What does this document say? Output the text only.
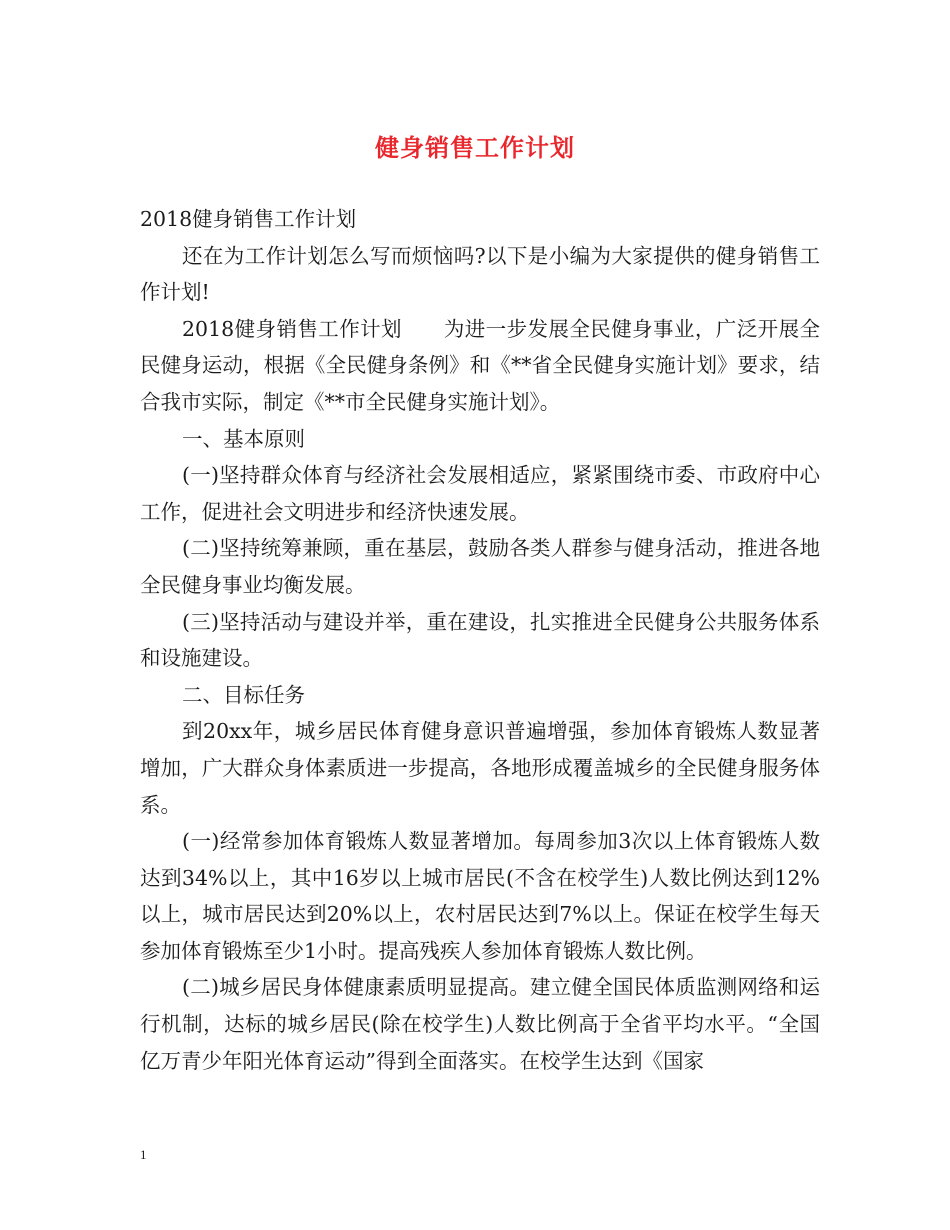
健身销售工作计划

2018健身销售工作计划

还在为工作计划怎么写而烦恼吗?以下是小编为大家提供的健身销售工作计划!

2018健身销售工作计划　　为进一步发展全民健身事业，广泛开展全民健身运动，根据《全民健身条例》和《**省全民健身实施计划》要求，结合我市实际，制定《**市全民健身实施计划》。

一、基本原则

(一)坚持群众体育与经济社会发展相适应，紧紧围绕市委、市政府中心工作，促进社会文明进步和经济快速发展。

(二)坚持统筹兼顾，重在基层，鼓励各类人群参与健身活动，推进各地全民健身事业均衡发展。

(三)坚持活动与建设并举，重在建设，扎实推进全民健身公共服务体系和设施建设。

二、目标任务

到20xx年，城乡居民体育健身意识普遍增强，参加体育锻炼人数显著增加，广大群众身体素质进一步提高，各地形成覆盖城乡的全民健身服务体系。

(一)经常参加体育锻炼人数显著增加。每周参加3次以上体育锻炼人数达到34%以上，其中16岁以上城市居民(不含在校学生)人数比例达到12%以上，城市居民达到20%以上，农村居民达到7%以上。保证在校学生每天参加体育锻炼至少1小时。提高残疾人参加体育锻炼人数比例。

(二)城乡居民身体健康素质明显提高。建立健全国民体质监测网络和运行机制，达标的城乡居民(除在校学生)人数比例高于全省平均水平。“全国亿万青少年阳光体育运动”得到全面落实。在校学生达到《国家

1
